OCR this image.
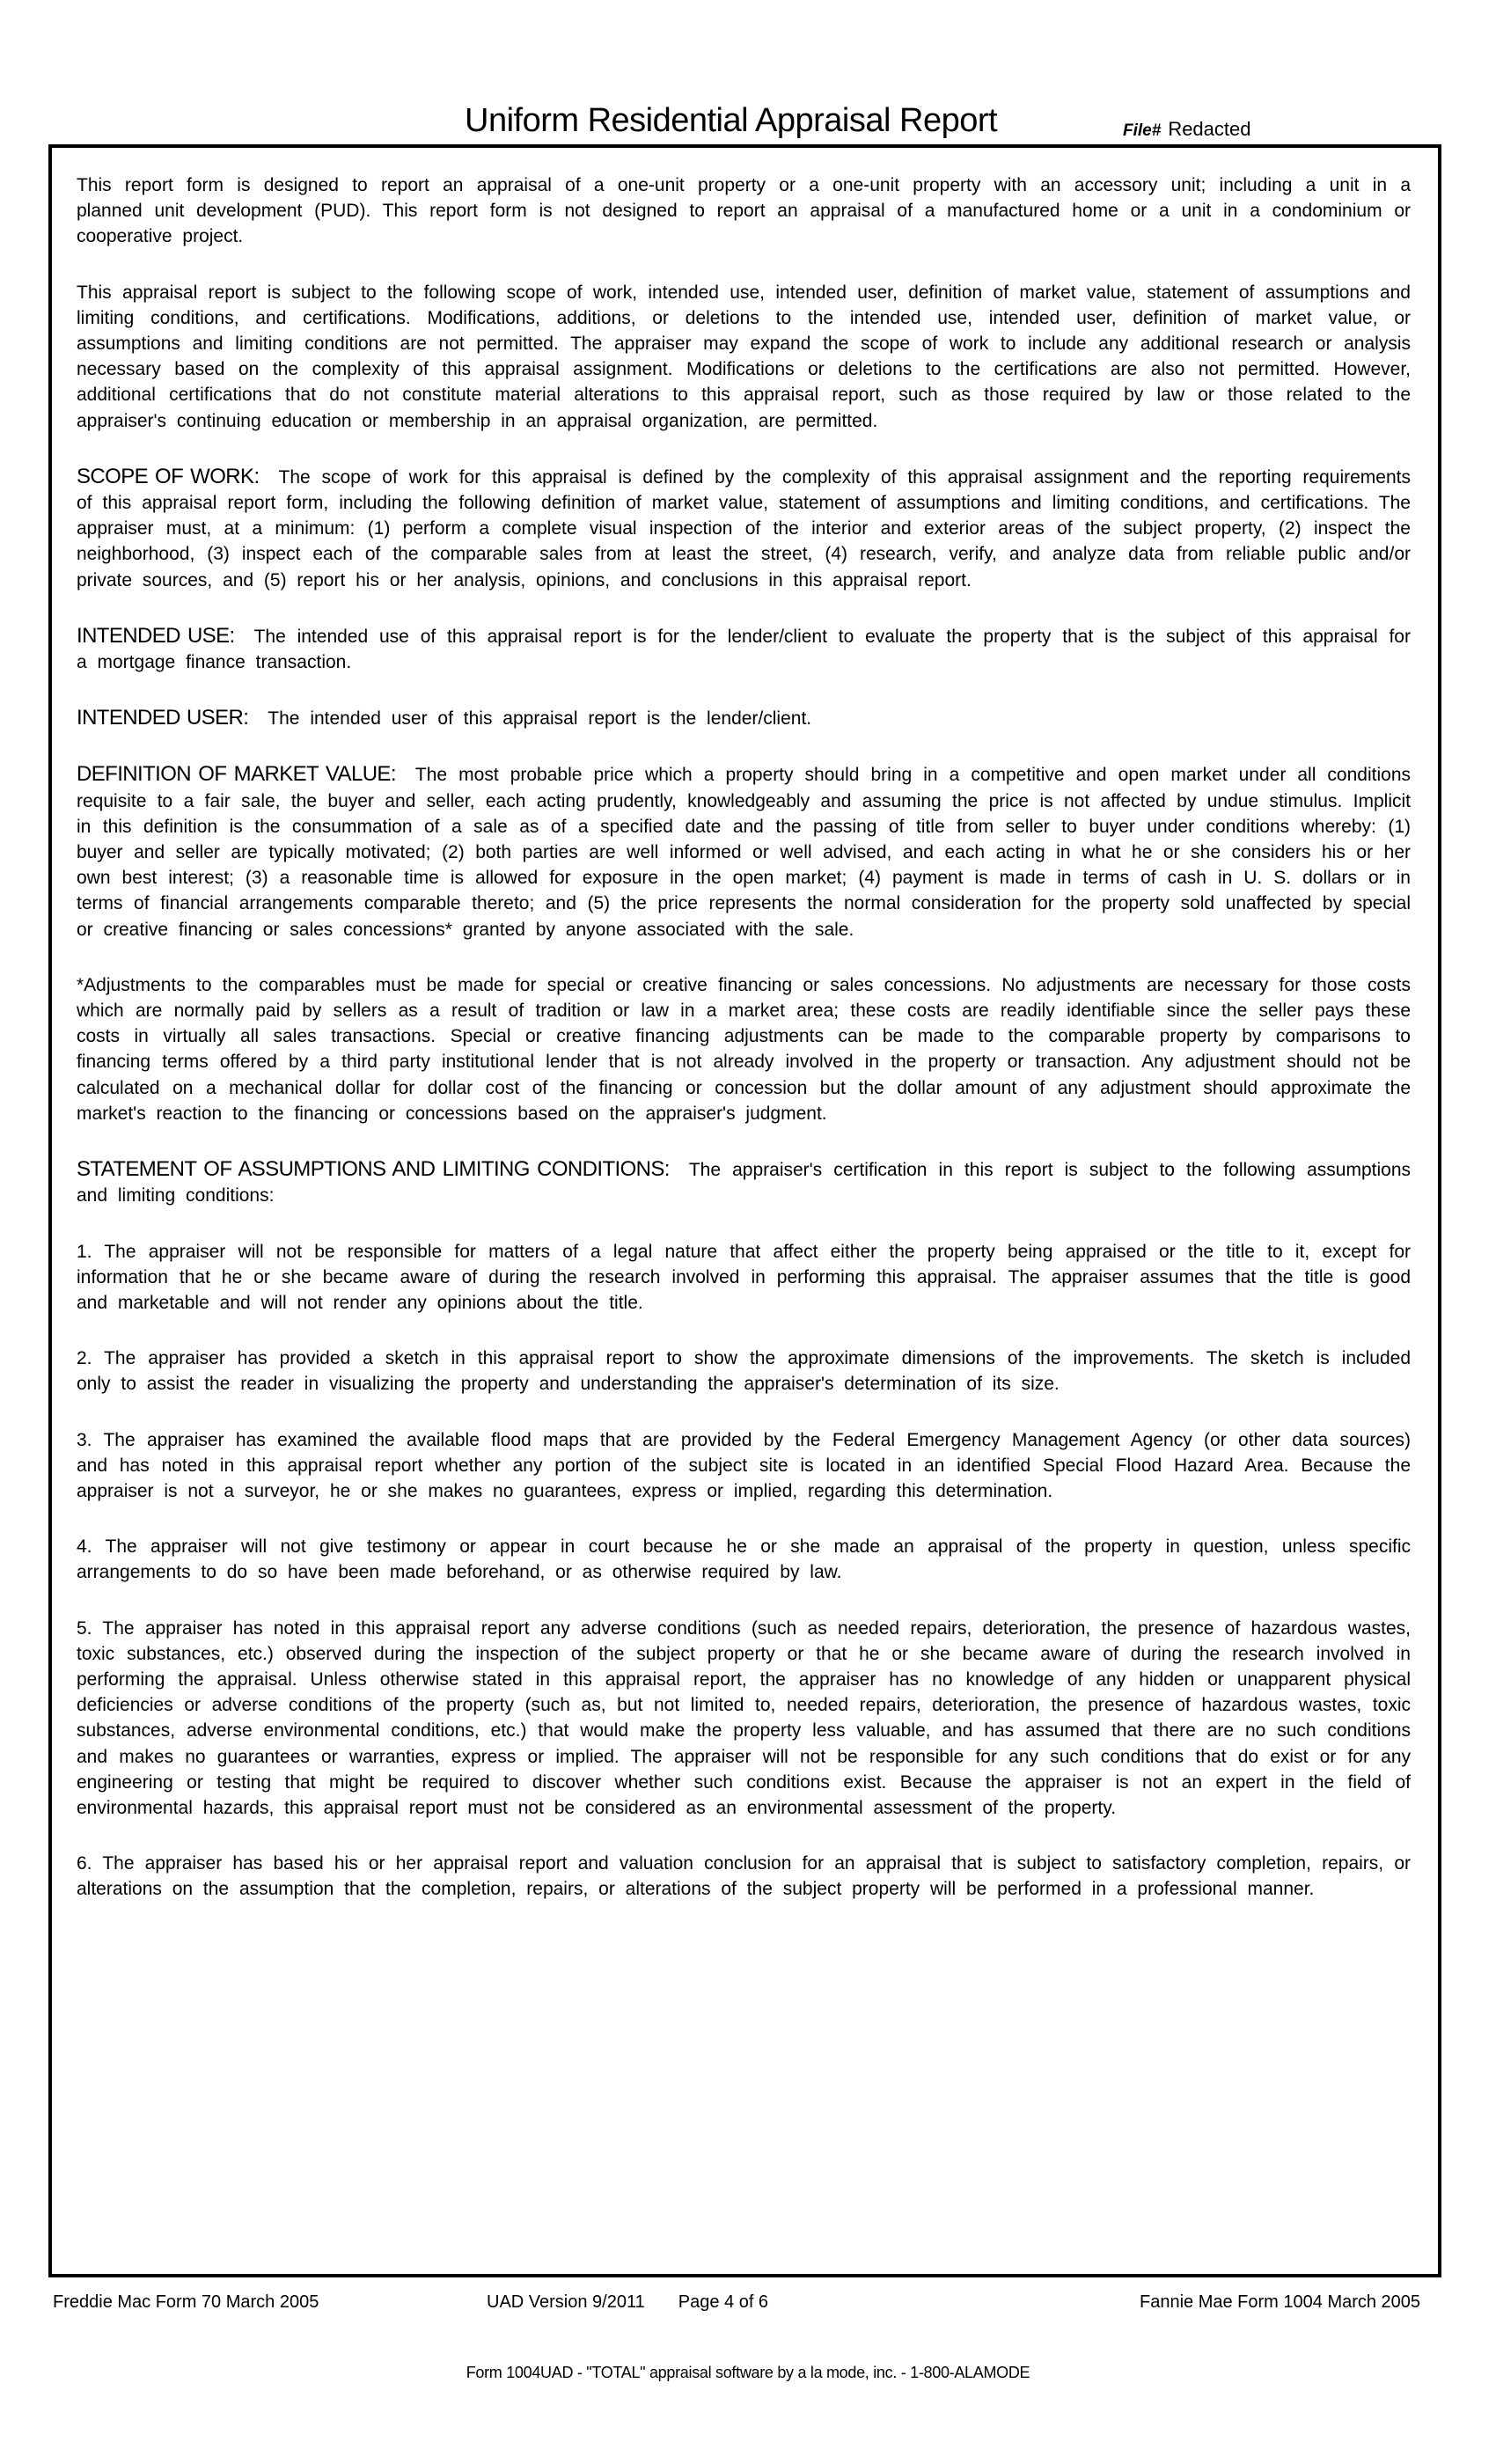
Uniform Residential Appraisal Report	File# Redacted

This report form is designed to report an appraisal of a one-unit property or a one-unit property with an accessory unit; including a unit in a planned unit development (PUD). This report form is not designed to report an appraisal of a manufactured home or a unit in a condominium or cooperative project.

This appraisal report is subject to the following scope of work, intended use, intended user, definition of market value, statement of assumptions and limiting conditions, and certifications. Modifications, additions, or deletions to the intended use, intended user, definition of market value, or assumptions and limiting conditions are not permitted. The appraiser may expand the scope of work to include any additional research or analysis necessary based on the complexity of this appraisal assignment. Modifications or deletions to the certifications are also not permitted. However, additional certifications that do not constitute material alterations to this appraisal report, such as those required by law or those related to the appraiser's continuing education or membership in an appraisal organization, are permitted.

SCOPE OF WORK: The scope of work for this appraisal is defined by the complexity of this appraisal assignment and the reporting requirements of this appraisal report form, including the following definition of market value, statement of assumptions and limiting conditions, and certifications. The appraiser must, at a minimum: (1) perform a complete visual inspection of the interior and exterior areas of the subject property, (2) inspect the neighborhood, (3) inspect each of the comparable sales from at least the street, (4) research, verify, and analyze data from reliable public and/or private sources, and (5) report his or her analysis, opinions, and conclusions in this appraisal report.

INTENDED USE: The intended use of this appraisal report is for the lender/client to evaluate the property that is the subject of this appraisal for a mortgage finance transaction.

INTENDED USER: The intended user of this appraisal report is the lender/client.

DEFINITION OF MARKET VALUE: The most probable price which a property should bring in a competitive and open market under all conditions requisite to a fair sale, the buyer and seller, each acting prudently, knowledgeably and assuming the price is not affected by undue stimulus. Implicit in this definition is the consummation of a sale as of a specified date and the passing of title from seller to buyer under conditions whereby: (1) buyer and seller are typically motivated; (2) both parties are well informed or well advised, and each acting in what he or she considers his or her own best interest; (3) a reasonable time is allowed for exposure in the open market; (4) payment is made in terms of cash in U. S. dollars or in terms of financial arrangements comparable thereto; and (5) the price represents the normal consideration for the property sold unaffected by special or creative financing or sales concessions* granted by anyone associated with the sale.

*Adjustments to the comparables must be made for special or creative financing or sales concessions. No adjustments are necessary for those costs which are normally paid by sellers as a result of tradition or law in a market area; these costs are readily identifiable since the seller pays these costs in virtually all sales transactions. Special or creative financing adjustments can be made to the comparable property by comparisons to financing terms offered by a third party institutional lender that is not already involved in the property or transaction. Any adjustment should not be calculated on a mechanical dollar for dollar cost of the financing or concession but the dollar amount of any adjustment should approximate the market's reaction to the financing or concessions based on the appraiser's judgment.

STATEMENT OF ASSUMPTIONS AND LIMITING CONDITIONS: The appraiser's certification in this report is subject to the following assumptions and limiting conditions:

1. The appraiser will not be responsible for matters of a legal nature that affect either the property being appraised or the title to it, except for information that he or she became aware of during the research involved in performing this appraisal. The appraiser assumes that the title is good and marketable and will not render any opinions about the title.

2. The appraiser has provided a sketch in this appraisal report to show the approximate dimensions of the improvements. The sketch is included only to assist the reader in visualizing the property and understanding the appraiser's determination of its size.

3. The appraiser has examined the available flood maps that are provided by the Federal Emergency Management Agency (or other data sources) and has noted in this appraisal report whether any portion of the subject site is located in an identified Special Flood Hazard Area. Because the appraiser is not a surveyor, he or she makes no guarantees, express or implied, regarding this determination.

4. The appraiser will not give testimony or appear in court because he or she made an appraisal of the property in question, unless specific arrangements to do so have been made beforehand, or as otherwise required by law.

5. The appraiser has noted in this appraisal report any adverse conditions (such as needed repairs, deterioration, the presence of hazardous wastes, toxic substances, etc.) observed during the inspection of the subject property or that he or she became aware of during the research involved in performing the appraisal. Unless otherwise stated in this appraisal report, the appraiser has no knowledge of any hidden or unapparent physical deficiencies or adverse conditions of the property (such as, but not limited to, needed repairs, deterioration, the presence of hazardous wastes, toxic substances, adverse environmental conditions, etc.) that would make the property less valuable, and has assumed that there are no such conditions and makes no guarantees or warranties, express or implied. The appraiser will not be responsible for any such conditions that do exist or for any engineering or testing that might be required to discover whether such conditions exist. Because the appraiser is not an expert in the field of environmental hazards, this appraisal report must not be considered as an environmental assessment of the property.

6. The appraiser has based his or her appraisal report and valuation conclusion for an appraisal that is subject to satisfactory completion, repairs, or alterations on the assumption that the completion, repairs, or alterations of the subject property will be performed in a professional manner.

Freddie Mac Form 70 March 2005	UAD Version 9/2011 Page 4 of 6	Fannie Mae Form 1004 March 2005
Form 1004UAD - "TOTAL" appraisal software by a la mode, inc. - 1-800-ALAMODE
